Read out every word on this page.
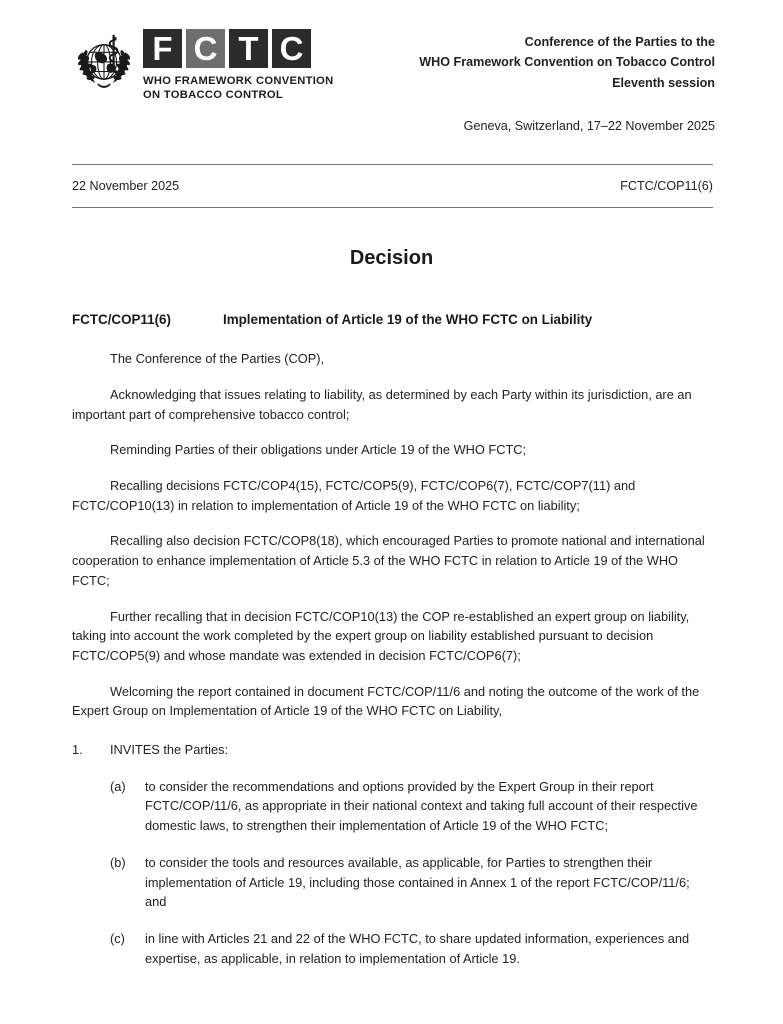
F C T C
WHO FRAMEWORK CONVENTION
ON TOBACCO CONTROL
Conference of the Parties to the
WHO Framework Convention on Tobacco Control
Eleventh session
Geneva, Switzerland, 17–22 November 2025
22 November 2025	FCTC/COP11(6)
Decision
FCTC/COP11(6)	Implementation of Article 19 of the WHO FCTC on Liability

The Conference of the Parties (COP),

Acknowledging that issues relating to liability, as determined by each Party within its jurisdiction, are an important part of comprehensive tobacco control;

Reminding Parties of their obligations under Article 19 of the WHO FCTC;

Recalling decisions FCTC/COP4(15), FCTC/COP5(9), FCTC/COP6(7), FCTC/COP7(11) and FCTC/COP10(13) in relation to implementation of Article 19 of the WHO FCTC on liability;

Recalling also decision FCTC/COP8(18), which encouraged Parties to promote national and international cooperation to enhance implementation of Article 5.3 of the WHO FCTC in relation to Article 19 of the WHO FCTC;

Further recalling that in decision FCTC/COP10(13) the COP re-established an expert group on liability, taking into account the work completed by the expert group on liability established pursuant to decision FCTC/COP5(9) and whose mandate was extended in decision FCTC/COP6(7);

Welcoming the report contained in document FCTC/COP/11/6 and noting the outcome of the work of the Expert Group on Implementation of Article 19 of the WHO FCTC on Liability,

1.	INVITES the Parties:
(a)	to consider the recommendations and options provided by the Expert Group in their report FCTC/COP/11/6, as appropriate in their national context and taking full account of their respective domestic laws, to strengthen their implementation of Article 19 of the WHO FCTC;
(b)	to consider the tools and resources available, as applicable, for Parties to strengthen their implementation of Article 19, including those contained in Annex 1 of the report FCTC/COP/11/6; and
(c)	in line with Articles 21 and 22 of the WHO FCTC, to share updated information, experiences and expertise, as applicable, in relation to implementation of Article 19.
